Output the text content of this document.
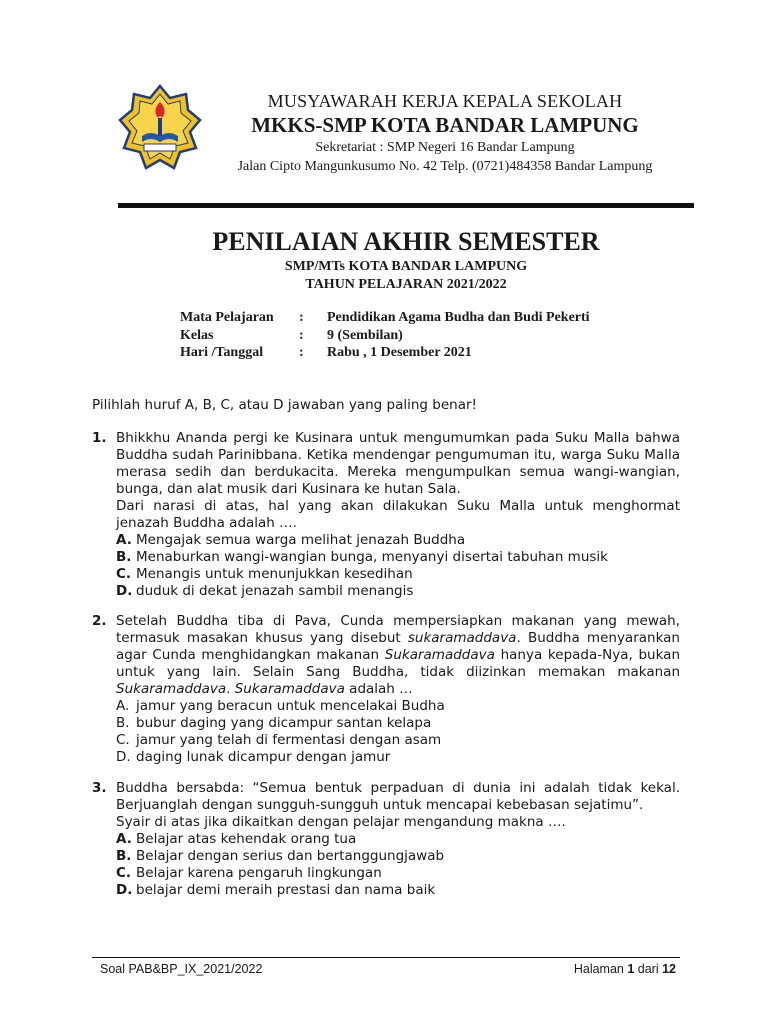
MUSYAWARAH KERJA KEPALA SEKOLAH
MKKS-SMP KOTA BANDAR LAMPUNG
Sekretariat : SMP Negeri 16 Bandar Lampung
Jalan Cipto Mangunkusumo No. 42 Telp. (0721)484358 Bandar Lampung
PENILAIAN AKHIR SEMESTER
SMP/MTs KOTA BANDAR LAMPUNG
TAHUN PELAJARAN 2021/2022
Mata Pelajaran	:	Pendidikan Agama Budha dan Budi Pekerti
Kelas	:	9 (Sembilan)
Hari /Tanggal	:	Rabu , 1 Desember 2021
Pilihlah huruf A, B, C, atau D jawaban yang paling benar!
1. Bhikkhu Ananda pergi ke Kusinara untuk mengumumkan pada Suku Malla bahwa Buddha sudah Parinibbana. Ketika mendengar pengumuman itu, warga Suku Malla merasa sedih dan berdukacita. Mereka mengumpulkan semua wangi-wangian, bunga, dan alat musik dari Kusinara ke hutan Sala.

Dari narasi di atas, hal yang akan dilakukan Suku Malla untuk menghormat jenazah Buddha adalah ….

A. Mengajak semua warga melihat jenazah Buddha
B. Menaburkan wangi-wangian bunga, menyanyi disertai tabuhan musik
C. Menangis untuk menunjukkan kesedihan
D. duduk di dekat jenazah sambil menangis
2. Setelah Buddha tiba di Pava, Cunda mempersiapkan makanan yang mewah, termasuk masakan khusus yang disebut sukaramaddava. Buddha menyarankan agar Cunda menghidangkan makanan Sukaramaddava hanya kepada-Nya, bukan untuk yang lain. Selain Sang Buddha, tidak diizinkan memakan makanan Sukaramaddava. Sukaramaddava adalah …

A. jamur yang beracun untuk mencelakai Budha
B. bubur daging yang dicampur santan kelapa
C. jamur yang telah di fermentasi dengan asam
D. daging lunak dicampur dengan jamur
3. Buddha bersabda: “Semua bentuk perpaduan di dunia ini adalah tidak kekal. Berjuanglah dengan sungguh-sungguh untuk mencapai kebebasan sejatimu”.

Syair di atas jika dikaitkan dengan pelajar mengandung makna ….

A. Belajar atas kehendak orang tua
B. Belajar dengan serius dan bertanggungjawab
C. Belajar karena pengaruh lingkungan
D. belajar demi meraih prestasi dan nama baik
Soal PAB&BP_IX_2021/2022	Halaman 1 dari 12
